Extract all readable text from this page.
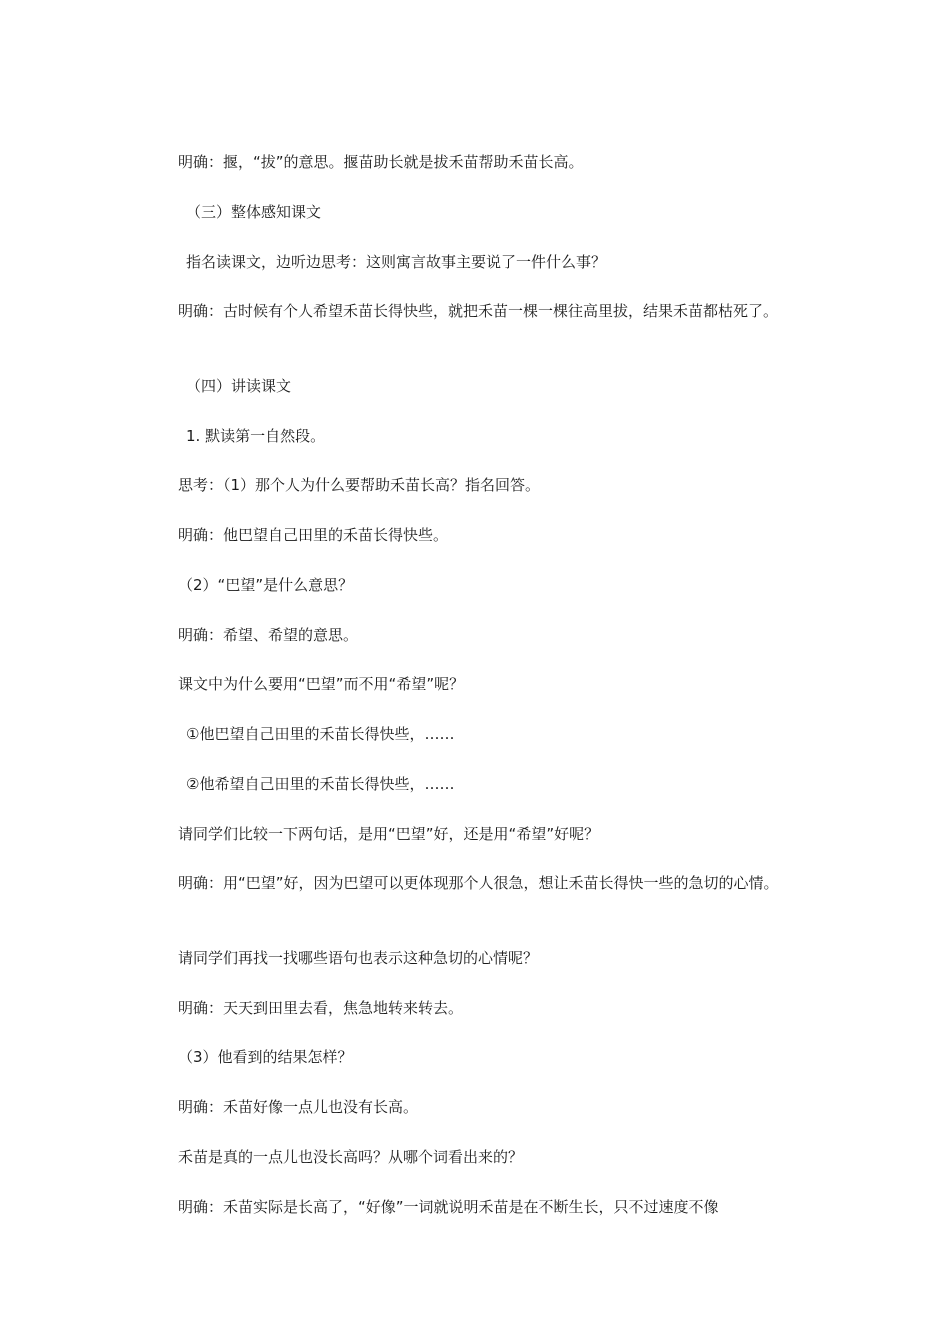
明确：揠，“拔”的意思。揠苗助长就是拔禾苗帮助禾苗长高。

（三）整体感知课文

指名读课文，边听边思考：这则寓言故事主要说了一件什么事？

明确：古时候有个人希望禾苗长得快些，就把禾苗一棵一棵往高里拔，结果禾苗都枯死了。

（四）讲读课文

1. 默读第一自然段。

思考：（1）那个人为什么要帮助禾苗长高？指名回答。

明确：他巴望自己田里的禾苗长得快些。

（2）“巴望”是什么意思？

明确：希望、希望的意思。

课文中为什么要用“巴望”而不用“希望”呢？

①他巴望自己田里的禾苗长得快些，……

②他希望自己田里的禾苗长得快些，……

请同学们比较一下两句话，是用“巴望”好，还是用“希望”好呢？

明确：用“巴望”好，因为巴望可以更体现那个人很急，想让禾苗长得快一些的急切的心情。

请同学们再找一找哪些语句也表示这种急切的心情呢？

明确：天天到田里去看，焦急地转来转去。

（3）他看到的结果怎样？

明确：禾苗好像一点儿也没有长高。

禾苗是真的一点儿也没长高吗？从哪个词看出来的？

明确：禾苗实际是长高了，“好像”一词就说明禾苗是在不断生长，只不过速度不像
